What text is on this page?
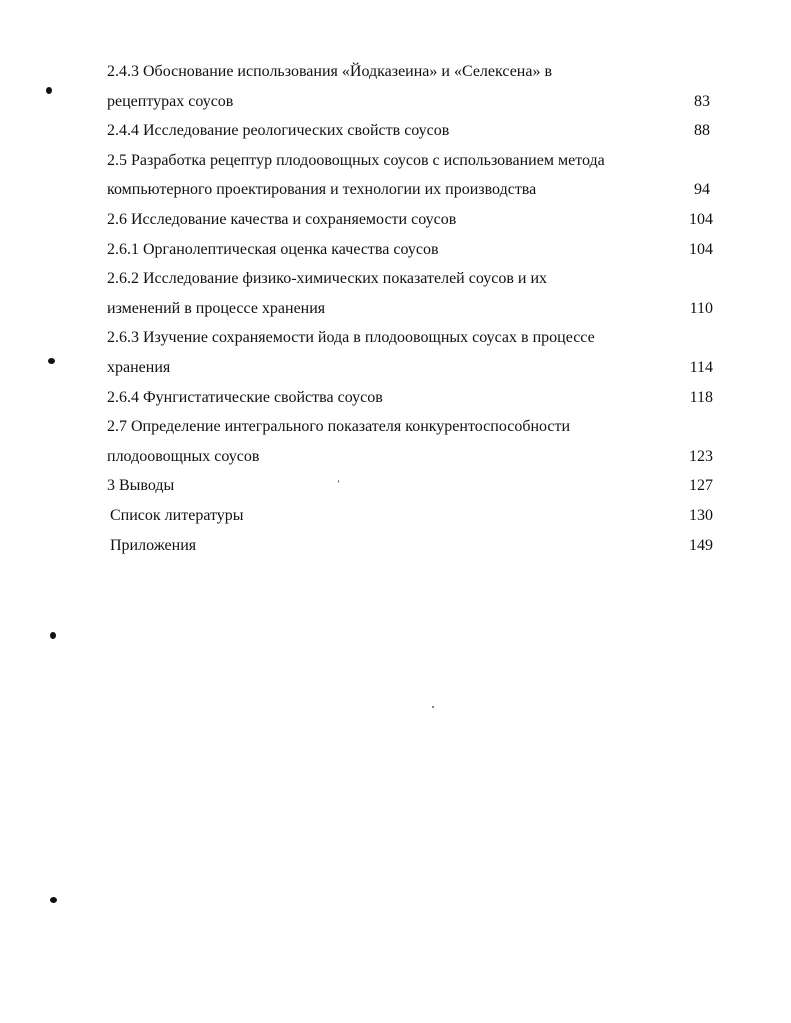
2.4.3 Обоснование использования «Йодказеина» и «Селексена» в
рецептурах соусов	83
2.4.4 Исследование реологических свойств соусов	88
2.5 Разработка рецептур плодоовощных соусов с использованием метода
компьютерного проектирования и технологии их производства	94
2.6 Исследование качества и сохраняемости соусов	104
2.6.1 Органолептическая оценка качества соусов	104
2.6.2 Исследование физико-химических показателей соусов и их
изменений в процессе хранения	110
2.6.3 Изучение сохраняемости йода в плодоовощных соусах в процессе
хранения	114
2.6.4 Фунгистатические свойства соусов	118
2.7 Определение интегрального показателя конкурентоспособности
плодоовощных соусов	123
3 Выводы	127
Список литературы	130
Приложения	149
